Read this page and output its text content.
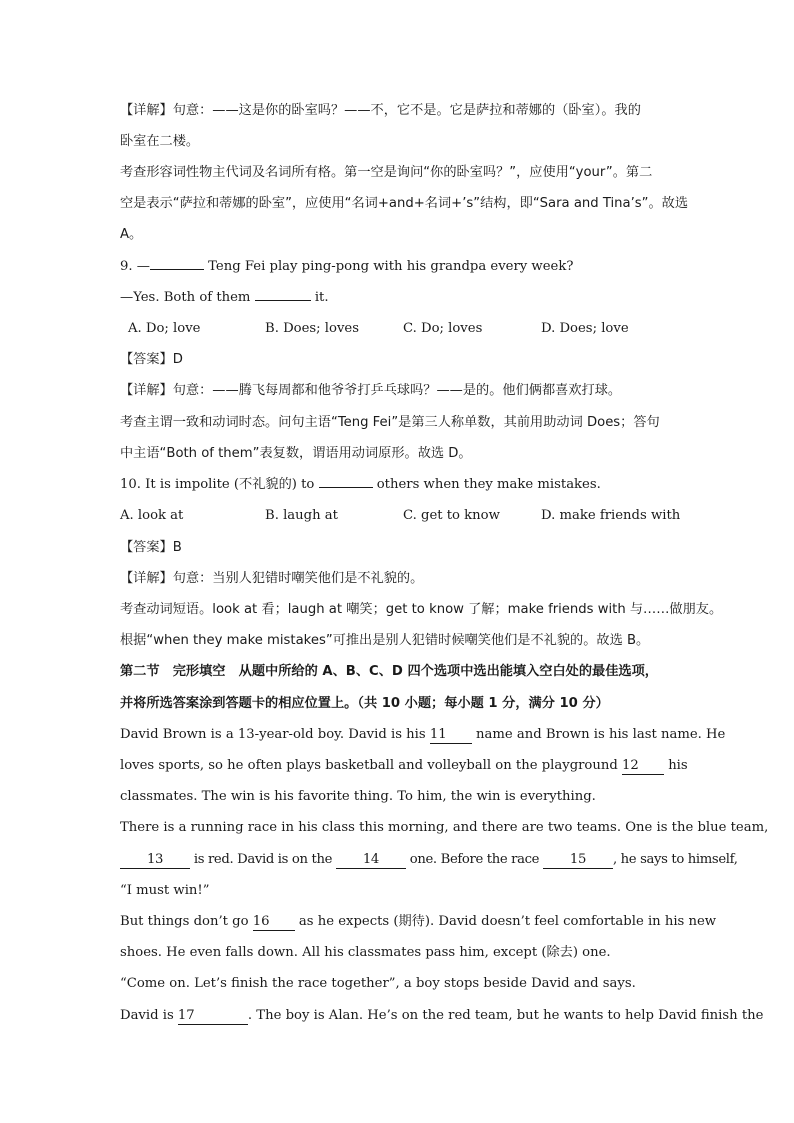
【详解】句意：——这是你的卧室吗？——不，它不是。它是萨拉和蒂娜的（卧室）。我的
卧室在二楼。
考查形容词性物主代词及名词所有格。第一空是询问“你的卧室吗？”，应使用“your”。第二
空是表示“萨拉和蒂娜的卧室”，应使用“名词+and+名词+’s”结构，即“Sara and Tina’s”。故选
A。
9. —	Teng Fei play ping-pong with his grandpa every week?
—Yes. Both of them	it.
A. Do; love	B. Does; loves	C. Do; loves	D. Does; love
【答案】D
【详解】句意：——腾飞每周都和他爷爷打乒乓球吗？——是的。他们俩都喜欢打球。
考查主谓一致和动词时态。问句主语“Teng Fei”是第三人称单数，其前用助动词 Does；答句
中主语“Both of them”表复数，谓语用动词原形。故选 D。
10. It is impolite (不礼貌的) to	others when they make mistakes.
A. look at	B. laugh at	C. get to know	D. make friends with
【答案】B
【详解】句意：当别人犯错时嘲笑他们是不礼貌的。
考查动词短语。look at 看；laugh at 嘲笑；get to know 了解；make friends with 与……做朋友。
根据“when they make mistakes”可推出是别人犯错时候嘲笑他们是不礼貌的。故选 B。
第二节　完形填空　从题中所给的 A、B、C、D 四个选项中选出能填入空白处的最佳选项，
并将所选答案涂到答题卡的相应位置上。（共 10 小题；每小题 1 分，满分 10 分）
David Brown is a 13-year-old boy. David is his 11 name and Brown is his last name. He
loves sports, so he often plays basketball and volleyball on the playground 12 his
classmates. The win is his favorite thing. To him, the win is everything.
There is a running race in his class this morning, and there are two teams. One is the blue team,
13 is red. David is on the 14 one. Before the race 15 , he says to himself,
“I must win!”
But things don’t go 16 as he expects (期待). David doesn’t feel comfortable in his new
shoes. He even falls down. All his classmates pass him, except (除去) one.
“Come on. Let’s finish the race together”, a boy stops beside David and says.
David is 17	. The boy is Alan. He’s on the red team, but he wants to help David finish the
